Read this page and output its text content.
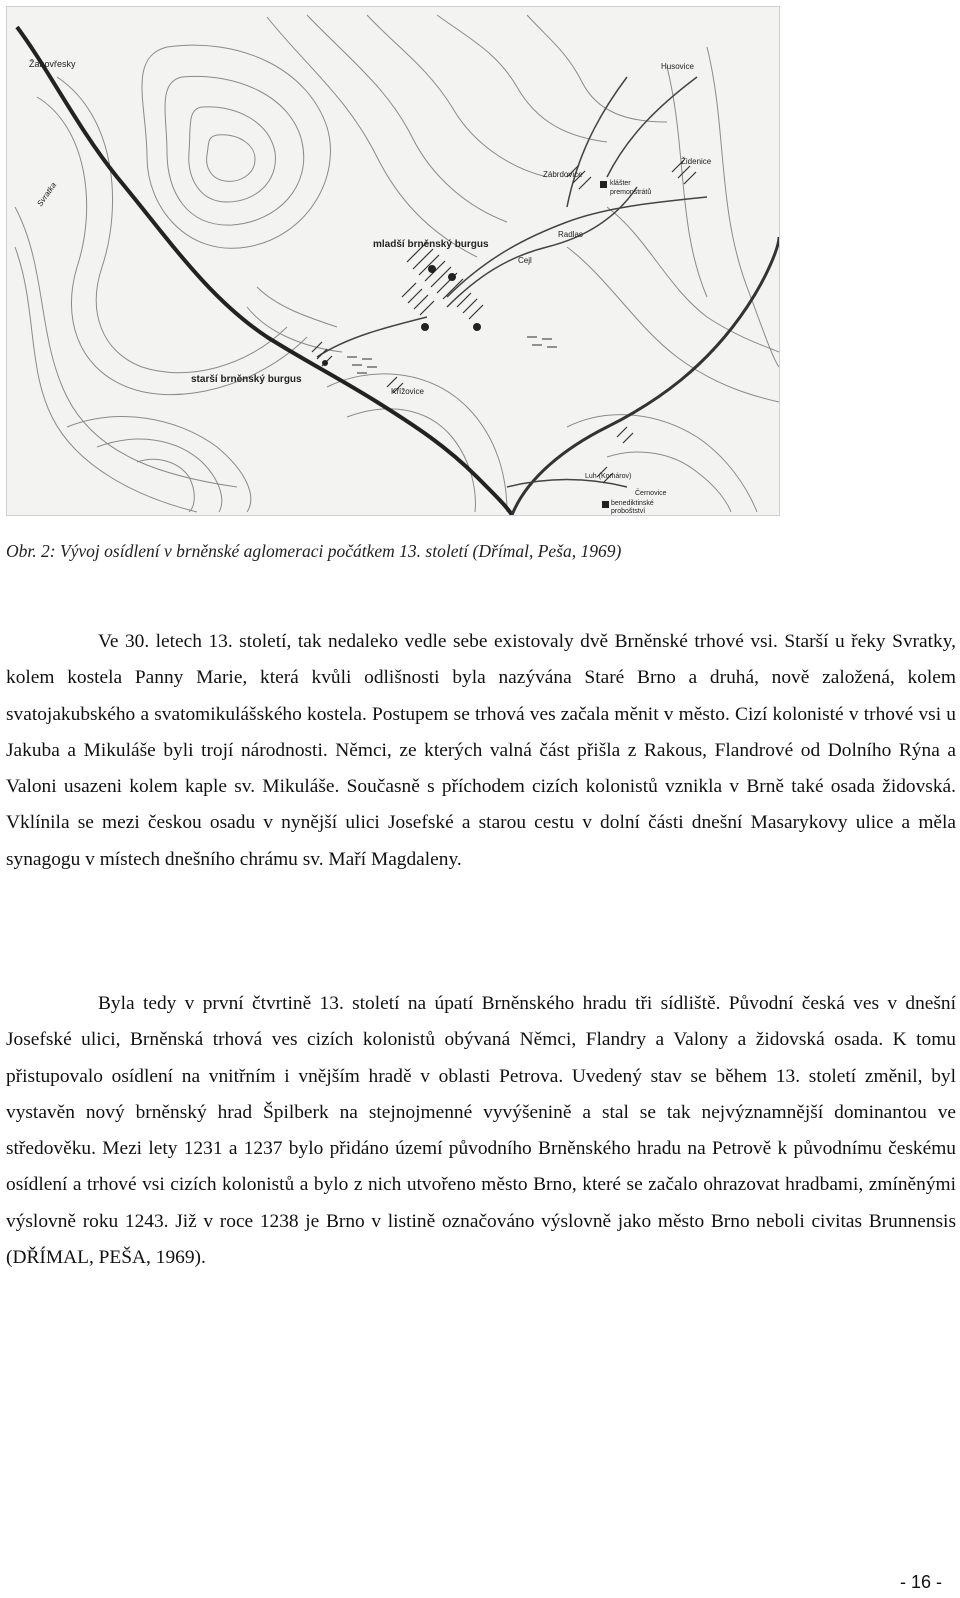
Žabovřesky	Husovice
Zábrdovice
klášter
premonstrátů
Židenice
Radlas
Cejl
mladší brněnský burgus
starší brněnský burgus
Křížovice
Svratka
Luh (Komárov)
Černovice
benediktinské
proboštství
Obr. 2: Vývoj osídlení v brněnské aglomeraci počátkem 13. století (Dřímal, Peša, 1969)

Ve 30. letech 13. století, tak nedaleko vedle sebe existovaly dvě Brněnské trhové vsi. Starší u řeky Svratky, kolem kostela Panny Marie, která kvůli odlišnosti byla nazývána Staré Brno a druhá, nově založená, kolem svatojakubského a svatomikulášského kostela. Postupem se trhová ves začala měnit v město. Cizí kolonisté v trhové vsi u Jakuba a Mikuláše byli trojí národnosti. Němci, ze kterých valná část přišla z Rakous, Flandrové od Dolního Rýna a Valoni usazeni kolem kaple sv. Mikuláše. Současně s příchodem cizích kolonistů vznikla v Brně také osada židovská. Vklínila se mezi českou osadu v nynější ulici Josefské a starou cestu v dolní části dnešní Masarykovy ulice a měla synagogu v místech dnešního chrámu sv. Maří Magdaleny.

Byla tedy v první čtvrtině 13. století na úpatí Brněnského hradu tři sídliště. Původní česká ves v dnešní Josefské ulici, Brněnská trhová ves cizích kolonistů obývaná Němci, Flandry a Valony a židovská osada. K tomu přistupovalo osídlení na vnitřním i vnějším hradě v oblasti Petrova. Uvedený stav se během 13. století změnil, byl vystavěn nový brněnský hrad Špilberk na stejnojmenné vyvýšenině a stal se tak nejvýznamnější dominantou ve středověku. Mezi lety 1231 a 1237 bylo přidáno území původního Brněnského hradu na Petrově k původnímu českému osídlení a trhové vsi cizích kolonistů a bylo z nich utvořeno město Brno, které se začalo ohrazovat hradbami, zmíněnými výslovně roku 1243. Již v roce 1238 je Brno v listině označováno výslovně jako město Brno neboli civitas Brunnensis (DŘÍMAL, PEŠA, 1969).

- 16 -
